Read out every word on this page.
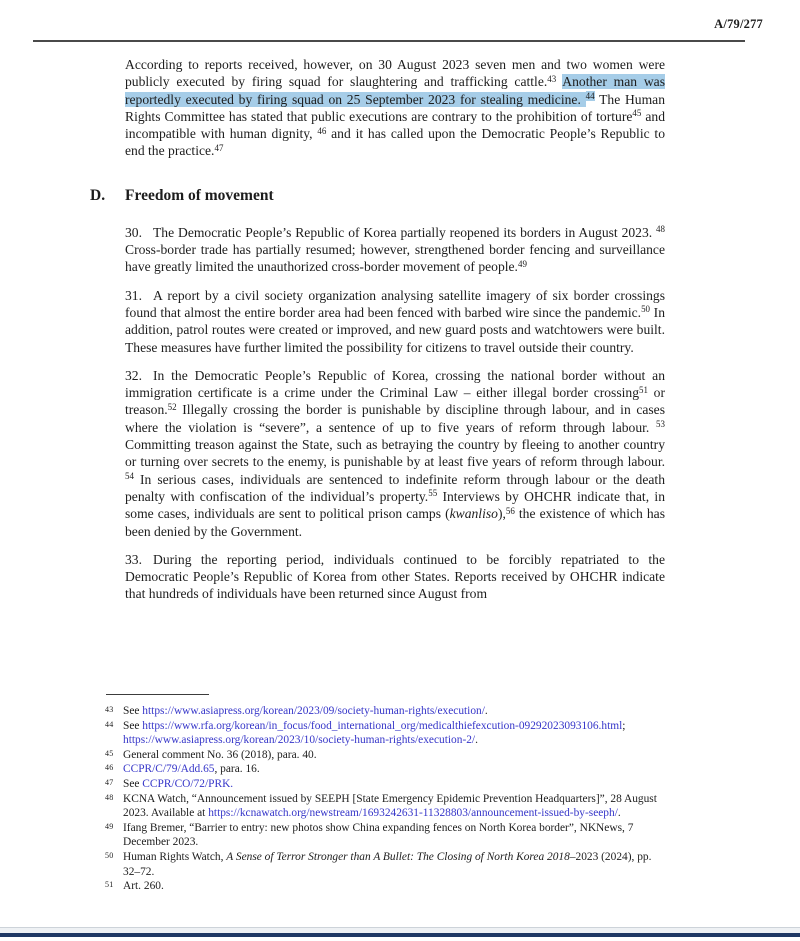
A/79/277

According to reports received, however, on 30 August 2023 seven men and two women were publicly executed by firing squad for slaughtering and trafficking cattle.$^{43}$ Another man was reportedly executed by firing squad on 25 September 2023 for stealing medicine. $^{44}$ The Human Rights Committee has stated that public executions are contrary to the prohibition of torture$^{45}$ and incompatible with human dignity, $^{46}$ and it has called upon the Democratic People’s Republic to end the practice.$^{47}$

D.	Freedom of movement

30. The Democratic People’s Republic of Korea partially reopened its borders in August 2023. $^{48}$ Cross-border trade has partially resumed; however, strengthened border fencing and surveillance have greatly limited the unauthorized cross-border movement of people.$^{49}$

31. A report by a civil society organization analysing satellite imagery of six border crossings found that almost the entire border area had been fenced with barbed wire since the pandemic.$^{50}$ In addition, patrol routes were created or improved, and new guard posts and watchtowers were built. These measures have further limited the possibility for citizens to travel outside their country.

32. In the Democratic People’s Republic of Korea, crossing the national border without an immigration certificate is a crime under the Criminal Law – either illegal border crossing$^{51}$ or treason.$^{52}$ Illegally crossing the border is punishable by discipline through labour, and in cases where the violation is “severe”, a sentence of up to five years of reform through labour. $^{53}$ Committing treason against the State, such as betraying the country by fleeing to another country or turning over secrets to the enemy, is punishable by at least five years of reform through labour. $^{54}$ In serious cases, individuals are sentenced to indefinite reform through labour or the death penalty with confiscation of the individual’s property.$^{55}$ Interviews by OHCHR indicate that, in some cases, individuals are sent to political prison camps (kwanliso),$^{56}$ the existence of which has been denied by the Government.

33. During the reporting period, individuals continued to be forcibly repatriated to the Democratic People’s Republic of Korea from other States. Reports received by OHCHR indicate that hundreds of individuals have been returned since August from

43 See https://www.asiapress.org/korean/2023/09/society-human-rights/execution/.
44 See https://www.rfa.org/korean/in_focus/food_international_org/medicalthiefexcution-09292023093106.html; https://www.asiapress.org/korean/2023/10/society-human-rights/execution-2/.
45 General comment No. 36 (2018), para. 40.
46 CCPR/C/79/Add.65, para. 16.
47 See CCPR/CO/72/PRK.
48 KCNA Watch, “Announcement issued by SEEPH [State Emergency Epidemic Prevention Headquarters]”, 28 August 2023. Available at https://kcnawatch.org/newstream/1693242631-11328803/announcement-issued-by-seeph/.
49 Ifang Bremer, “Barrier to entry: new photos show China expanding fences on North Korea border”, NKNews, 7 December 2023.
50 Human Rights Watch, A Sense of Terror Stronger than A Bullet: The Closing of North Korea 2018–2023 (2024), pp. 32–72.
51 Art. 260.
